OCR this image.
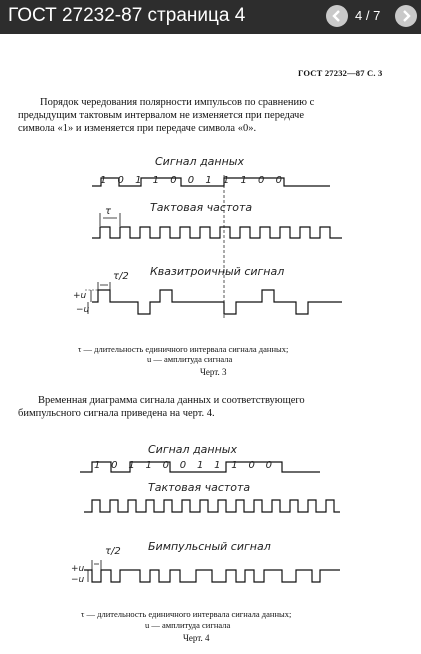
ГОСТ 27232-87 страница 4	4 / 7
ГОСТ 27232—87 С. 3
Порядок чередования полярности импульсов по сравнению с
предыдущим тактовым интервалом не изменяется при передаче
символа «1» и изменяется при передаче символа «0».
Сигнал данных
10110011100
Тактовая частота
τ
Квазитроичный сигнал
τ/2
+u
−u
τ — длительность единичного интервала сигнала данных;
u — амплитуда сигнала
Черт. 3
Временная диаграмма сигнала данных и соответствующего
бимпульсного сигнала приведена на черт. 4.
Сигнал данных
10110011100
Тактовая частота
Бимпульсный сигнал
τ/2
+u
−u
τ — длительность единичного интервала сигнала данных;
u — амплитуда сигнала
Черт. 4
